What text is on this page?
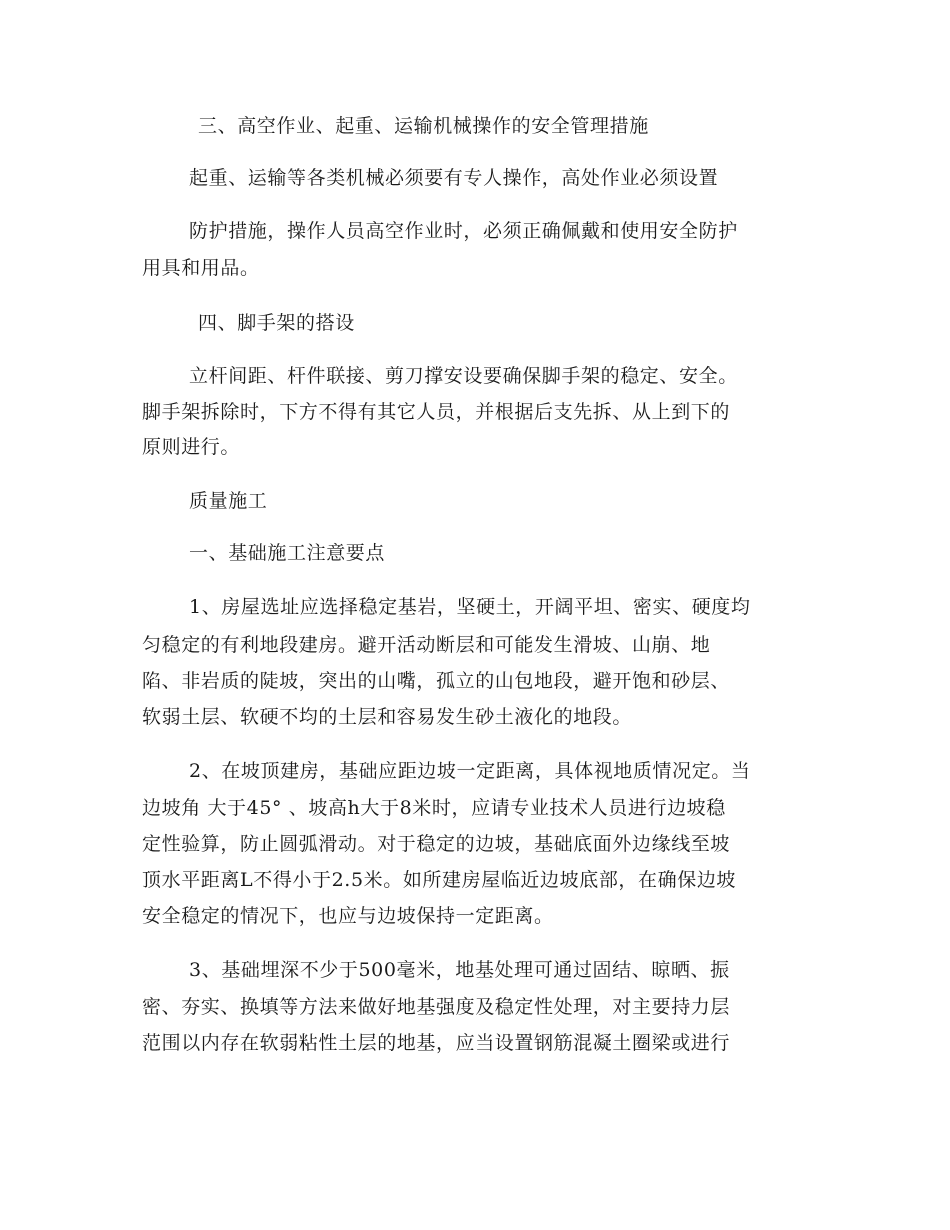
三、高空作业、起重、运输机械操作的安全管理措施
起重、运输等各类机械必须要有专人操作，高处作业必须设置
防护措施，操作人员高空作业时，必须正确佩戴和使用安全防护
用具和用品。
四、脚手架的搭设
立杆间距、杆件联接、剪刀撑安设要确保脚手架的稳定、安全。
脚手架拆除时，下方不得有其它人员，并根据后支先拆、从上到下的
原则进行。
质量施工
一、基础施工注意要点
1、房屋选址应选择稳定基岩，坚硬土，开阔平坦、密实、硬度均
匀稳定的有利地段建房。避开活动断层和可能发生滑坡、山崩、地
陷、非岩质的陡坡，突出的山嘴，孤立的山包地段，避开饱和砂层、
软弱土层、软硬不均的土层和容易发生砂土液化的地段。
2、在坡顶建房，基础应距边坡一定距离，具体视地质情况定。当
边坡角 大于45° 、坡高h大于8米时，应请专业技术人员进行边坡稳
定性验算，防止圆弧滑动。对于稳定的边坡，基础底面外边缘线至坡
顶水平距离L不得小于2.5米。如所建房屋临近边坡底部，在确保边坡
安全稳定的情况下，也应与边坡保持一定距离。
3、基础埋深不少于500毫米，地基处理可通过固结、晾晒、振
密、夯实、换填等方法来做好地基强度及稳定性处理，对主要持力层
范围以内存在软弱粘性土层的地基，应当设置钢筋混凝土圈梁或进行
